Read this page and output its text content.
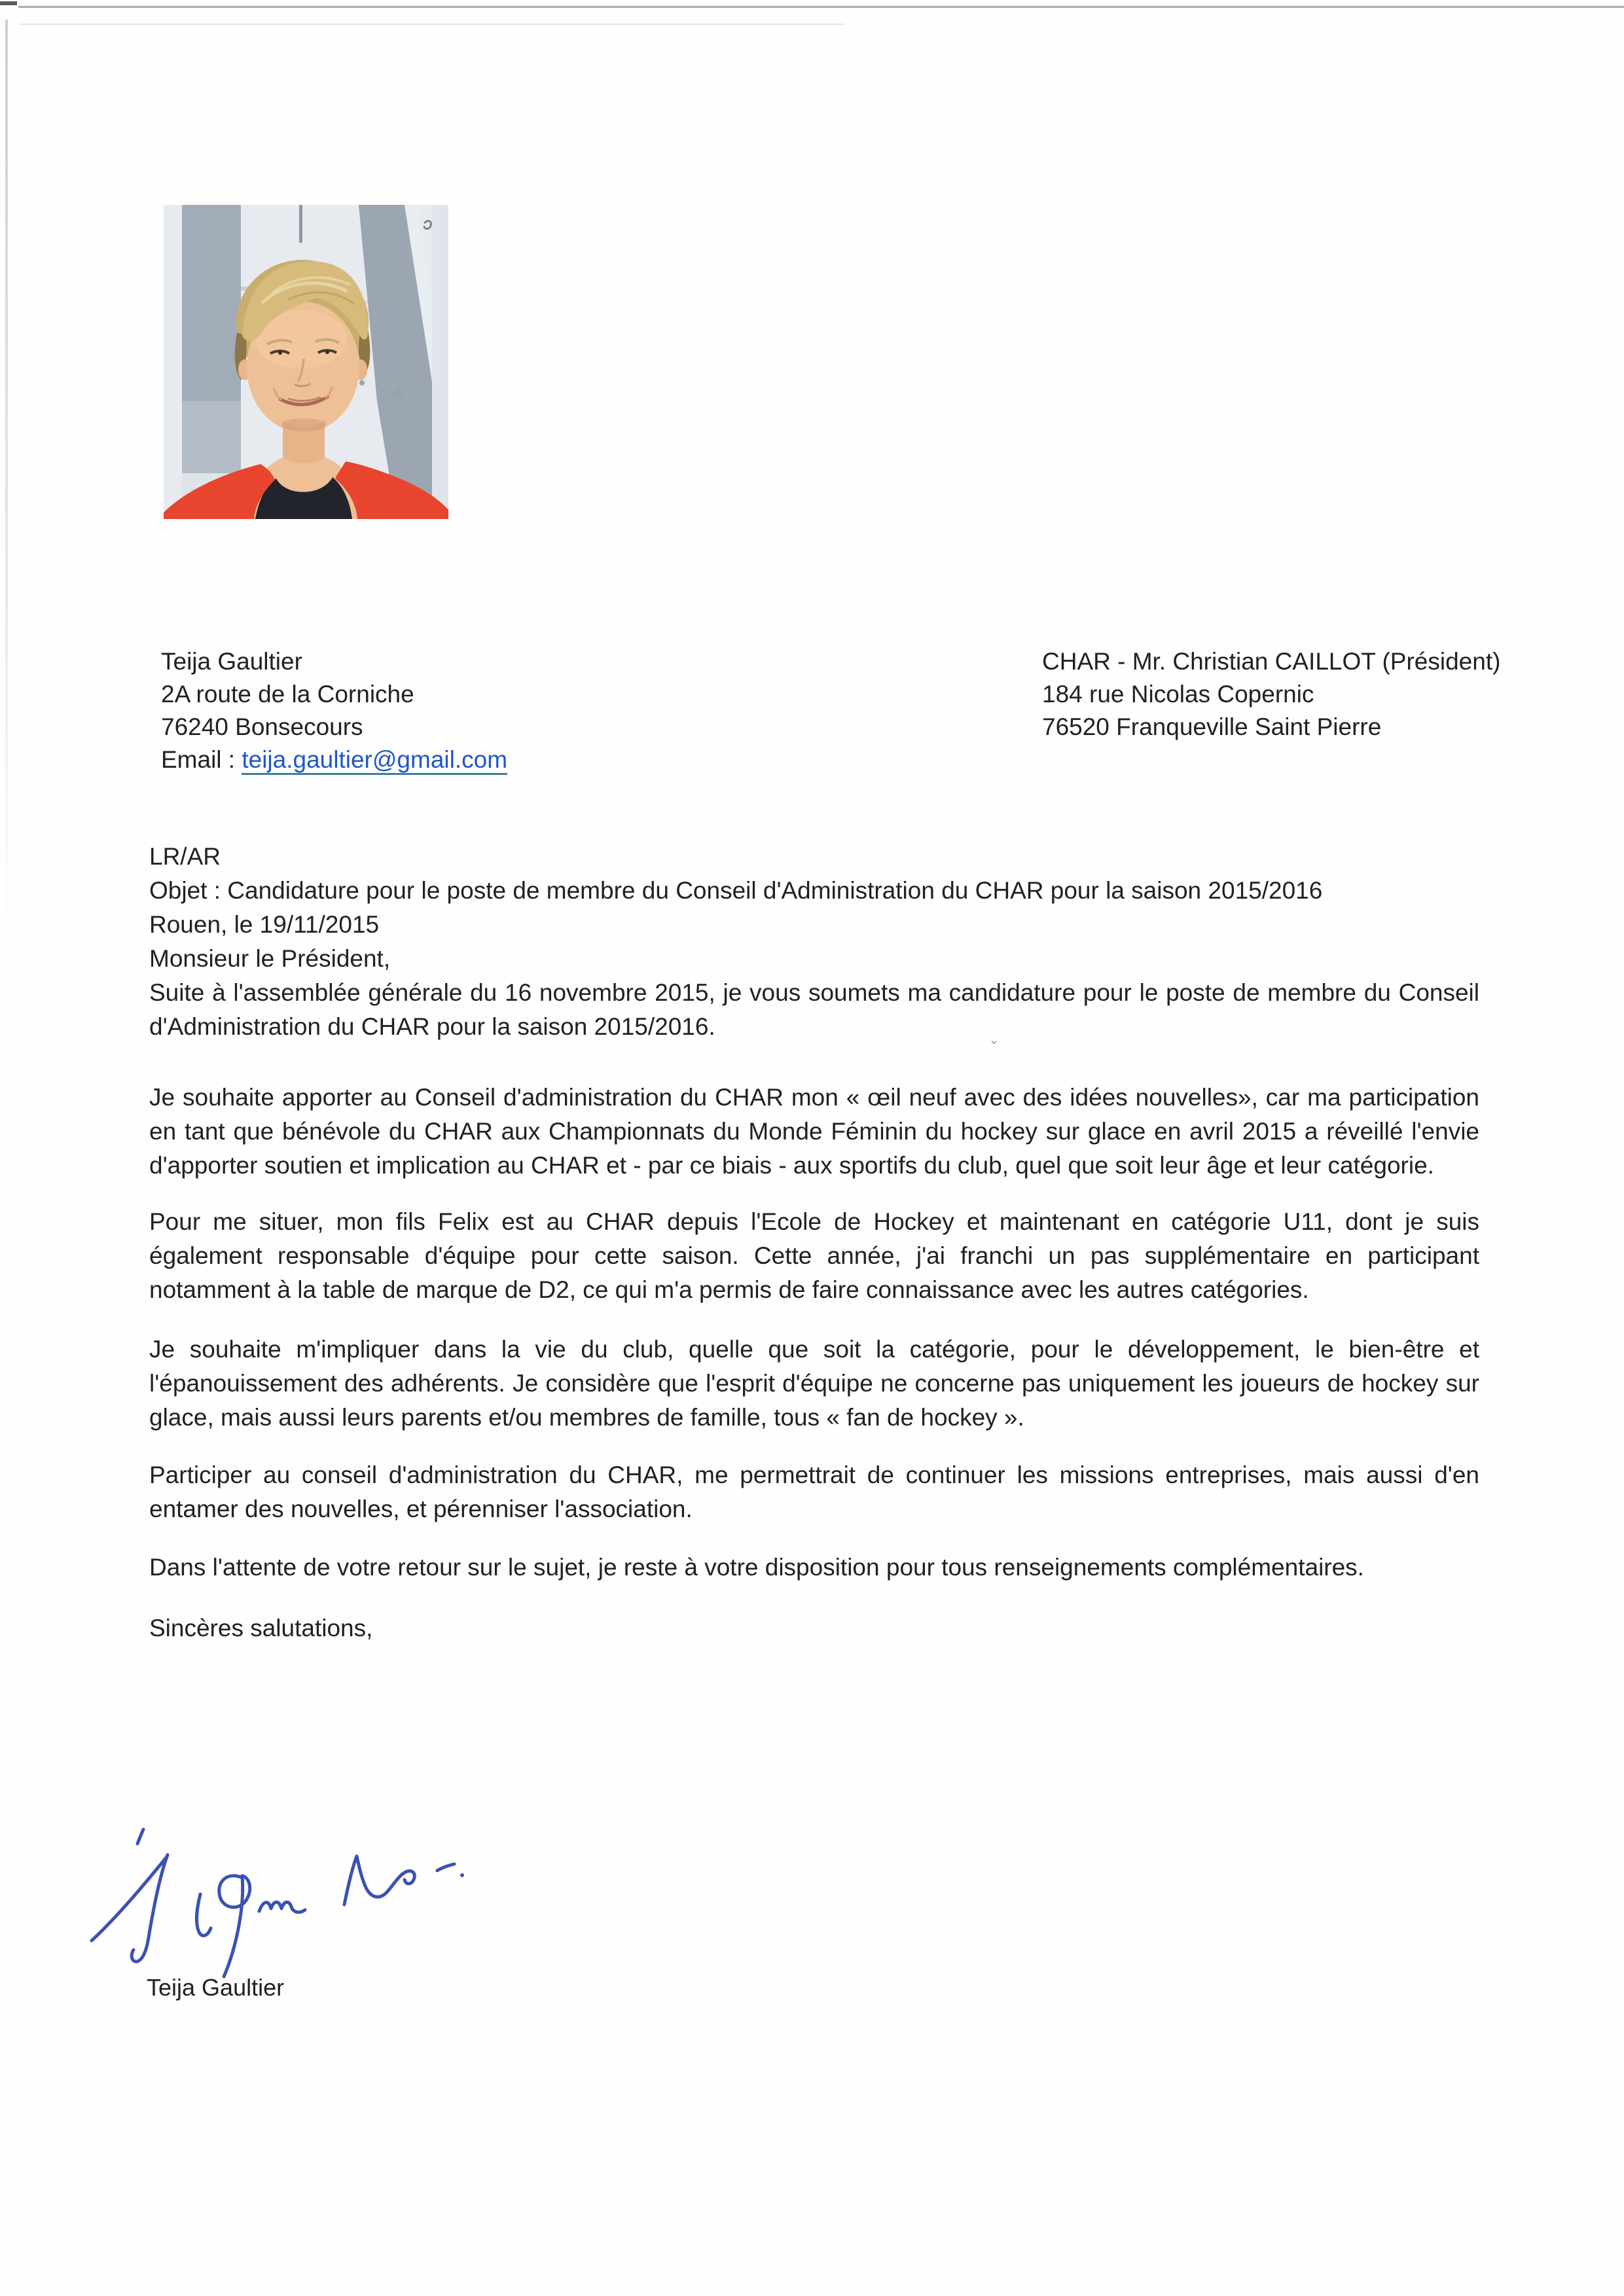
ˇ
Teija Gaultier
2A route de la Corniche
76240 Bonsecours
Email : teija.gaultier@gmail.com
CHAR - Mr. Christian CAILLOT (Président)
184 rue Nicolas Copernic
76520 Franqueville Saint Pierre

LR/AR

Objet : Candidature pour le poste de membre du Conseil d'Administration du CHAR pour la saison 2015/2016

Rouen, le 19/11/2015

Monsieur le Président,

Suite à l'assemblée générale du 16 novembre 2015, je vous soumets ma candidature pour le poste de membre du Conseil d'Administration du CHAR pour la saison 2015/2016.

Je souhaite apporter au Conseil d'administration du CHAR mon « œil neuf avec des idées nouvelles», car ma participation en tant que bénévole du CHAR aux Championnats du Monde Féminin du hockey sur glace en avril 2015 a réveillé l'envie d'apporter soutien et implication au CHAR et - par ce biais - aux sportifs du club, quel que soit leur âge et leur catégorie.

Pour me situer, mon fils Felix est au CHAR depuis l'Ecole de Hockey et maintenant en catégorie U11, dont je suis également responsable d'équipe pour cette saison. Cette année, j'ai franchi un pas supplémentaire en participant notamment à la table de marque de D2, ce qui m'a permis de faire connaissance avec les autres catégories.

Je souhaite m'impliquer dans la vie du club, quelle que soit la catégorie, pour le développement, le bien-être et l'épanouissement des adhérents. Je considère que l'esprit d'équipe ne concerne pas uniquement les joueurs de hockey sur glace, mais aussi leurs parents et/ou membres de famille, tous « fan de hockey ».

Participer au conseil d'administration du CHAR, me permettrait de continuer les missions entreprises, mais aussi d'en entamer des nouvelles, et pérenniser l'association.

Dans l'attente de votre retour sur le sujet, je reste à votre disposition pour tous renseignements complémentaires.

Sincères salutations,

Teija Gaultier
